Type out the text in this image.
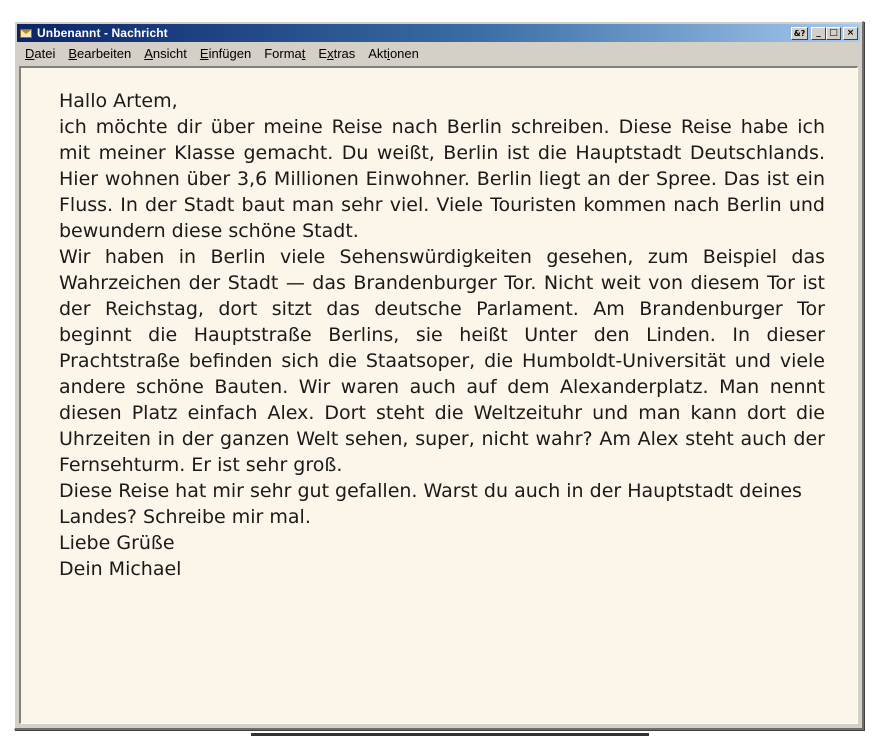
Unbenannt - Nachricht	&?	_ □ ×
Datei	Bearbeiten	Ansicht	Einfügen	Format	Extras	Aktionen

Hallo Artem,

ich möchte dir über meine Reise nach Berlin schreiben. Diese Reise habe ich mit meiner Klasse gemacht. Du weißt, Berlin ist die Hauptstadt Deutschlands. Hier wohnen über 3,6 Millionen Einwohner. Berlin liegt an der Spree. Das ist ein Fluss. In der Stadt baut man sehr viel. Viele Touristen kommen nach Berlin und bewundern diese schöne Stadt.

Wir haben in Berlin viele Sehenswürdigkeiten gesehen, zum Beispiel das Wahrzeichen der Stadt — das Brandenburger Tor. Nicht weit von diesem Tor ist der Reichstag, dort sitzt das deutsche Parlament. Am Brandenburger Tor beginnt die Hauptstraße Berlins, sie heißt Unter den Linden. In dieser Prachtstraße befinden sich die Staatsoper, die Humboldt-Universität und viele andere schöne Bauten. Wir waren auch auf dem Alexanderplatz. Man nennt diesen Platz einfach Alex. Dort steht die Weltzeituhr und man kann dort die Uhrzeiten in der ganzen Welt sehen, super, nicht wahr? Am Alex steht auch der Fernsehturm. Er ist sehr groß.

Diese Reise hat mir sehr gut gefallen. Warst du auch in der Hauptstadt deines Landes? Schreibe mir mal.

Liebe Grüße

Dein Michael
